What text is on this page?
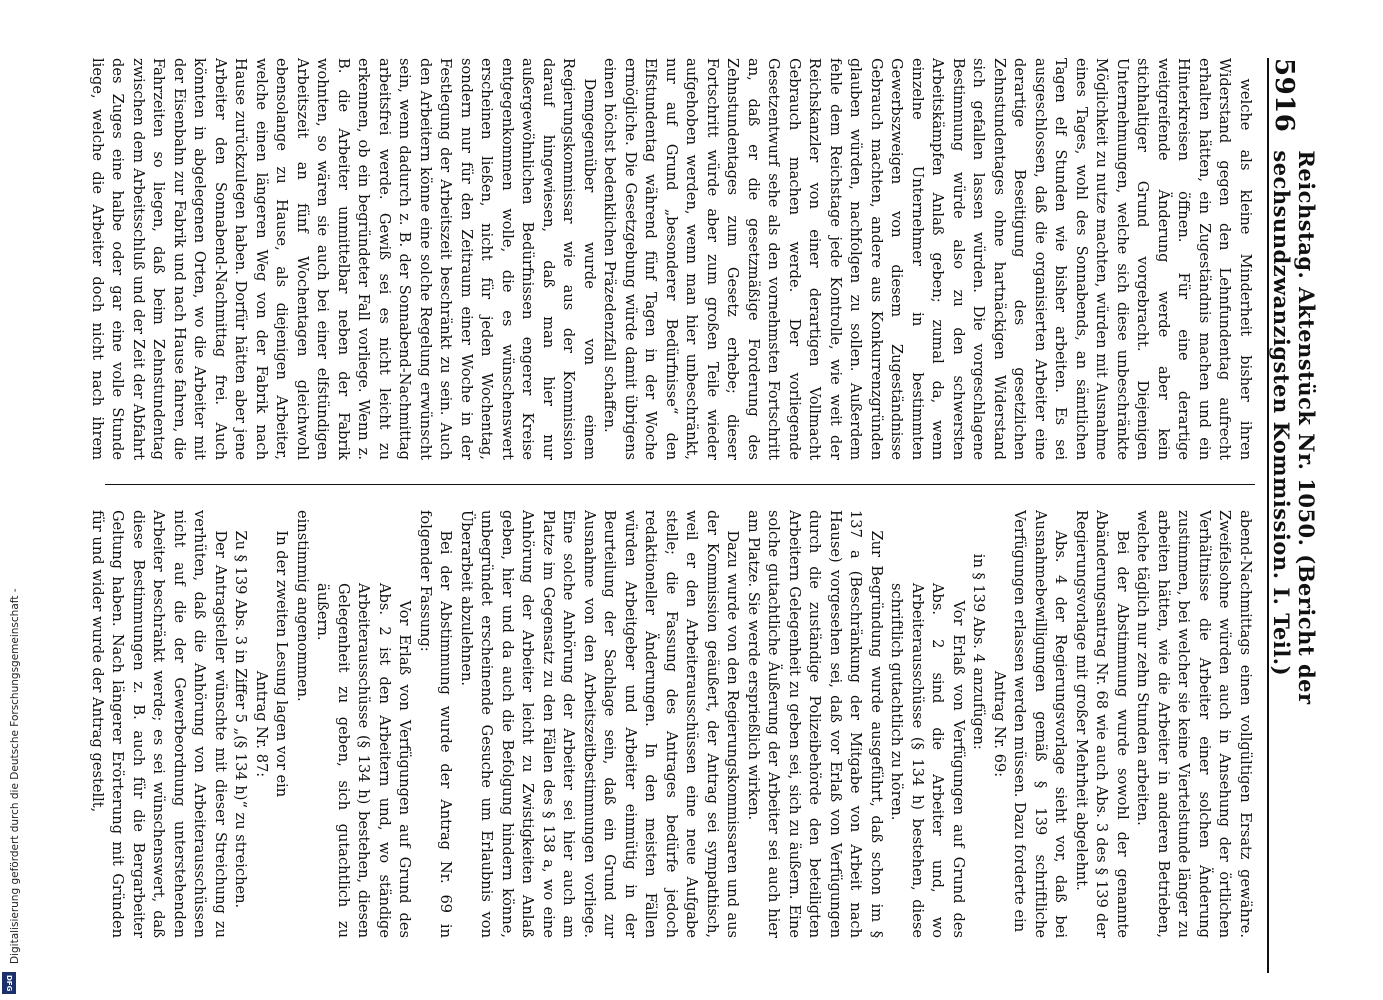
5916
Reichstag. Aktenstück Nr. 1050. (Bericht der sechsundzwanzigsten Kommission. I. Teil.)

welche als kleine Minderheit bisher ihren Widerstand gegen den Lehnfundentag aufrecht erhalten hätten, ein Zugeständnis machen und ein Hinterkreisen öffnen. Für eine derartige weitgreifende Änderung werde aber kein stichhaltiger Grund vorgebracht. Diejenigen Unternehmungen, welche sich diese unbeschränkte Möglichkeit zu nutze machten, würden mit Ausnahme eines Tages, wohl des Sonnabends, an sämtlichen Tagen elf Stunden wie bisher arbeiten. Es sei ausgeschlossen, daß die organisierten Arbeiter eine derartige Beseitigung des gesetzlichen Zehnstundentages ohne hartnäckigen Widerstand sich gefallen lassen würden. Die vorgeschlagene Bestimmung würde also zu den schwersten Arbeitskämpfen Anlaß geben; zumal da, wenn einzelne Unternehmer in bestimmten Gewerbszweigen von diesem Zugeständnisse Gebrauch machten, andere aus Konkurrenzgründen glauben würden, nachfolgen zu sollen. Außerdem fehle dem Reichstage jede Kontrolle, wie weit der Reichskanzler von einer derartigen Vollmacht Gebrauch machen werde. Der vorliegende Gesetzentwurf sehe als den vornehmsten Fortschritt an, daß er die gesetzmäßige Forderung des Zehnstundentages zum Gesetz erhebe; dieser Fortschritt würde aber zum großen Teile wieder aufgehoben werden, wenn man hier unbeschränkt, nur auf Grund „besonderer Bedürfnisse“ den Elfstundentag während fünf Tagen in der Woche ermögliche. Die Gesetzgebung würde damit übrigens einen höchst bedenklichen Präzedenzfall schaffen.

Demgegenüber wurde von einem Regierungskommissar wie aus der Kommission darauf hingewiesen, daß man hier nur außergewöhnlichen Bedürfnissen engerer Kreise entgegenkommen wolle, die es wünschenswert erscheinen ließen, nicht für jeden Wochentag, sondern nur für den Zeitraum einer Woche in der Festlegung der Arbeitszeit beschränkt zu sein. Auch den Arbeitern könne eine solche Regelung erwünscht sein, wenn dadurch z. B. der Sonnabend-Nachmittag arbeitsfrei werde. Gewiß sei es nicht leicht zu erkennen, ob ein begründeter Fall vorliege. Wenn z. B. die Arbeiter unmittelbar neben der Fabrik wohnten, so wären sie auch bei einer elfstündigen Arbeitszeit an fünf Wochentagen gleichwohl ebensolange zu Hause, als diejenigen Arbeiter, welche einen längeren Weg von der Fabrik nach Hause zurückzulegen haben. Dorfür hätten aber jene Arbeiter den Sonnabend-Nachmittag frei. Auch könnten in abgelegenen Orten, wo die Arbeiter mit der Eisenbahn zur Fabrik und nach Hause fahren, die Fahrzeiten so liegen, daß beim Zehnstundentag zwischen dem Arbeitsschluß und der Zeit der Abfahrt des Zuges eine halbe oder gar eine volle Stunde liege, welche die Arbeiter doch nicht nach ihrem

abend-Nachmittags einen vollgültigen Ersatz gewähre. Zweifelsohne würden auch in Ansehung der örtlichen Verhältnisse die Arbeiter einer solchen Änderung zustimmen, bei welcher sie keine Viertelstunde länger zu arbeiten hätten, wie die Arbeiter in anderen Betrieben, welche täglich nur zehn Stunden arbeiten.

Bei der Abstimmung wurde sowohl der genannte Abänderungsantrag Nr. 68 wie auch Abs. 3 des § 139 der Regierungsvorlage mit großer Mehrheit abgelehnt.

Abs. 4 der Regierungsvorlage sieht vor, daß bei Ausnahmebewilligungen gemäß § 139 schriftliche Verfügungen erlassen werden müssen. Dazu forderte ein

Antrag Nr. 69:

in § 139 Abs. 4 anzufügen:

Vor Erlaß von Verfügungen auf Grund des Abs. 2 sind die Arbeiter und, wo Arbeiterausschüsse (§ 134 h) bestehen, diese schriftlich gutachtlich zu hören.

Zur Begründung wurde ausgeführt, daß schon im § 137 a (Beschränkung der Mitgabe von Arbeit nach Hause) vorgesehen sei, daß vor Erlaß von Verfügungen durch die zuständige Polizeibehörde den beteiligten Arbeitern Gelegenheit zu geben sei, sich zu äußern. Eine solche gutachtliche Äußerung der Arbeiter sei auch hier am Platze. Sie werde ersprießlich wirken.

Dazu wurde von den Regierungskommissaren und aus der Kommission geäußert, der Antrag sei sympathisch, weil er den Arbeiterausschüssen eine neue Aufgabe stelle; die Fassung des Antrages bedürfe jedoch redaktioneller Änderungen. In den meisten Fällen würden Arbeitgeber und Arbeiter einmütig in der Beurteilung der Sachlage sein, daß ein Grund zur Ausnahme von den Arbeitszeitbestimmungen vorliege. Eine solche Anhörung der Arbeiter sei hier auch am Platze im Gegensatz zu den Fällen des § 138 a, wo eine Anhörung der Arbeiter leicht zu Zwistigkeiten Anlaß geben, hier und da auch die Befolgung hindern könne, unbegründet erscheinende Gesuche um Erlaubnis von Überarbeit abzulehnen.

Bei der Abstimmung wurde der Antrag Nr. 69 in folgender Fassung:

Vor Erlaß von Verfügungen auf Grund des Abs. 2 ist den Arbeitern und, wo ständige Arbeiterausschüsse (§ 134 h) bestehen, diesen Gelegenheit zu geben, sich gutachtlich zu äußern.

einstimmig angenommen.

In der zweiten Lesung lagen vor ein

Antrag Nr. 87:

Zu § 139 Abs. 3 in Ziffer 5 „(§ 134 h)“ zu streichen.

Der Antragsteller wünschte mit dieser Streichung zu verhüten, daß die Anhörung von Arbeiterausschüssen nicht auf die der Gewerbeordnung unterstehenden Arbeiter beschränkt werde; es sei wünschenswert, daß diese Bestimmungen z. B. auch für die Bergarbeiter Geltung haben. Nach längerer Erörterung mit Gründen für und wider wurde der Antrag gestellt,

Digitalisierung gefördert durch die Deutsche Forschungsgemeinschaft -
DFG
